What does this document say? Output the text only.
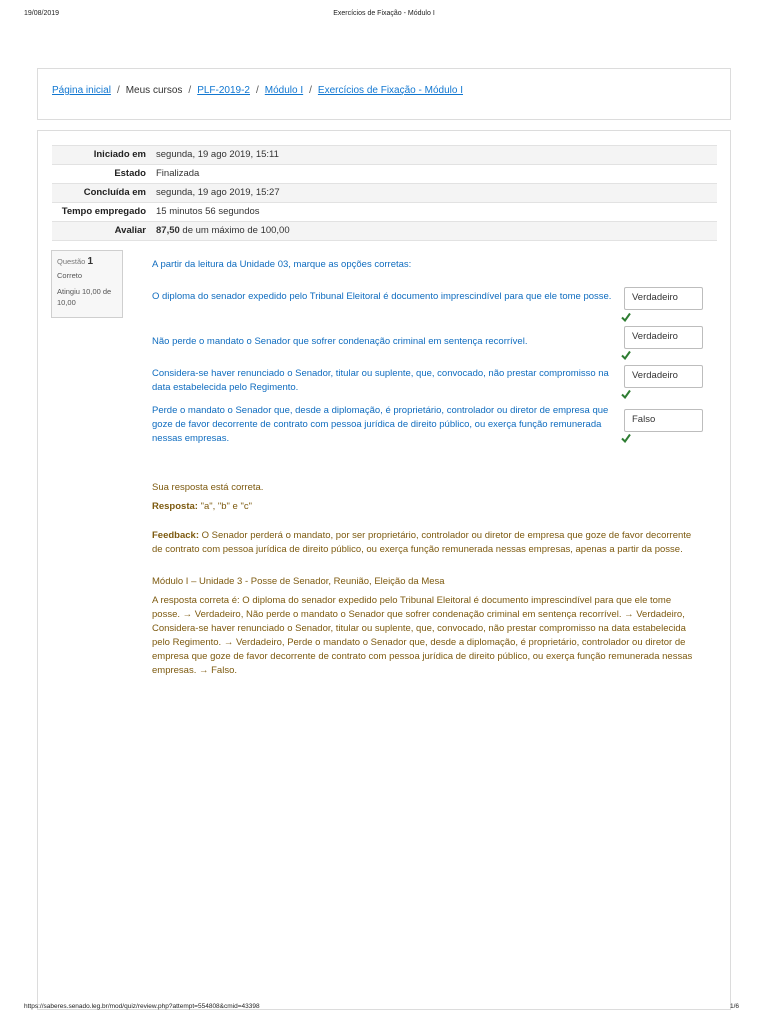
19/08/2019	Exercícios de Fixação - Módulo I
Página inicial / Meus cursos / PLF-2019-2 / Módulo I / Exercícios de Fixação - Módulo I
Iniciado em	segunda, 19 ago 2019, 15:11
Estado	Finalizada
Concluída em	segunda, 19 ago 2019, 15:27
Tempo empregado	15 minutos 56 segundos
Avaliar	87,50 de um máximo de 100,00
Questão 1
Correto
Atingiu 10,00 de 10,00
A partir da leitura da Unidade 03, marque as opções corretas:
O diploma do senador expedido pelo Tribunal Eleitoral é documento imprescindível para que ele tome posse.	Verdadeiro
Não perde o mandato o Senador que sofrer condenação criminal em sentença recorrível.	Verdadeiro
Considera-se haver renunciado o Senador, titular ou suplente, que, convocado, não prestar compromisso na data estabelecida pelo Regimento.
Verdadeiro
Perde o mandato o Senador que, desde a diplomação, é proprietário, controlador ou diretor de empresa que goze de favor decorrente de contrato com pessoa jurídica de direito público, ou exerça função remunerada nessas empresas.
Falso
Sua resposta está correta.
Resposta: "a", "b" e "c"
Feedback: O Senador perderá o mandato, por ser proprietário, controlador ou diretor de empresa que goze de favor decorrente de contrato com pessoa jurídica de direito público, ou exerça função remunerada nessas empresas, apenas a partir da posse.
Módulo I – Unidade 3 - Posse de Senador, Reunião, Eleição da Mesa
A resposta correta é: O diploma do senador expedido pelo Tribunal Eleitoral é documento imprescindível para que ele tome posse. → Verdadeiro, Não perde o mandato o Senador que sofrer condenação criminal em sentença recorrível. → Verdadeiro, Considera-se haver renunciado o Senador, titular ou suplente, que, convocado, não prestar compromisso na data estabelecida pelo Regimento. → Verdadeiro, Perde o mandato o Senador que, desde a diplomação, é proprietário, controlador ou diretor de empresa que goze de favor decorrente de contrato com pessoa jurídica de direito público, ou exerça função remunerada nessas empresas. → Falso.
https://saberes.senado.leg.br/mod/quiz/review.php?attempt=554808&cmid=43398	1/6
